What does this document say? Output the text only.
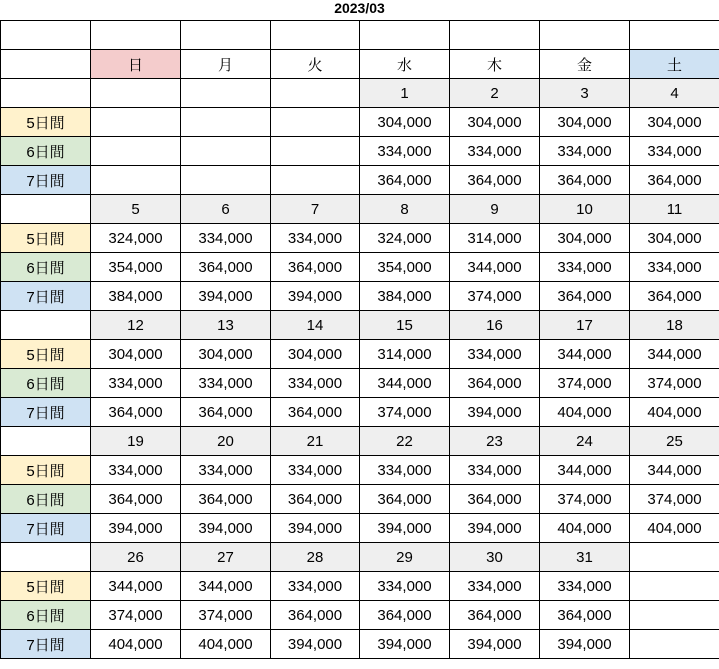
2023/03

	日	月	火	水	木	金	土
				1	2	3	4
5日間				304,000	304,000	304,000	304,000
6日間				334,000	334,000	334,000	334,000
7日間				364,000	364,000	364,000	364,000
	5	6	7	8	9	10	11
5日間	324,000	334,000	334,000	324,000	314,000	304,000	304,000
6日間	354,000	364,000	364,000	354,000	344,000	334,000	334,000
7日間	384,000	394,000	394,000	384,000	374,000	364,000	364,000
	12	13	14	15	16	17	18
5日間	304,000	304,000	304,000	314,000	334,000	344,000	344,000
6日間	334,000	334,000	334,000	344,000	364,000	374,000	374,000
7日間	364,000	364,000	364,000	374,000	394,000	404,000	404,000
	19	20	21	22	23	24	25
5日間	334,000	334,000	334,000	334,000	334,000	344,000	344,000
6日間	364,000	364,000	364,000	364,000	364,000	374,000	374,000
7日間	394,000	394,000	394,000	394,000	394,000	404,000	404,000
	26	27	28	29	30	31	
5日間	344,000	344,000	334,000	334,000	334,000	334,000	
6日間	374,000	374,000	364,000	364,000	364,000	364,000	
7日間	404,000	404,000	394,000	394,000	394,000	394,000	
